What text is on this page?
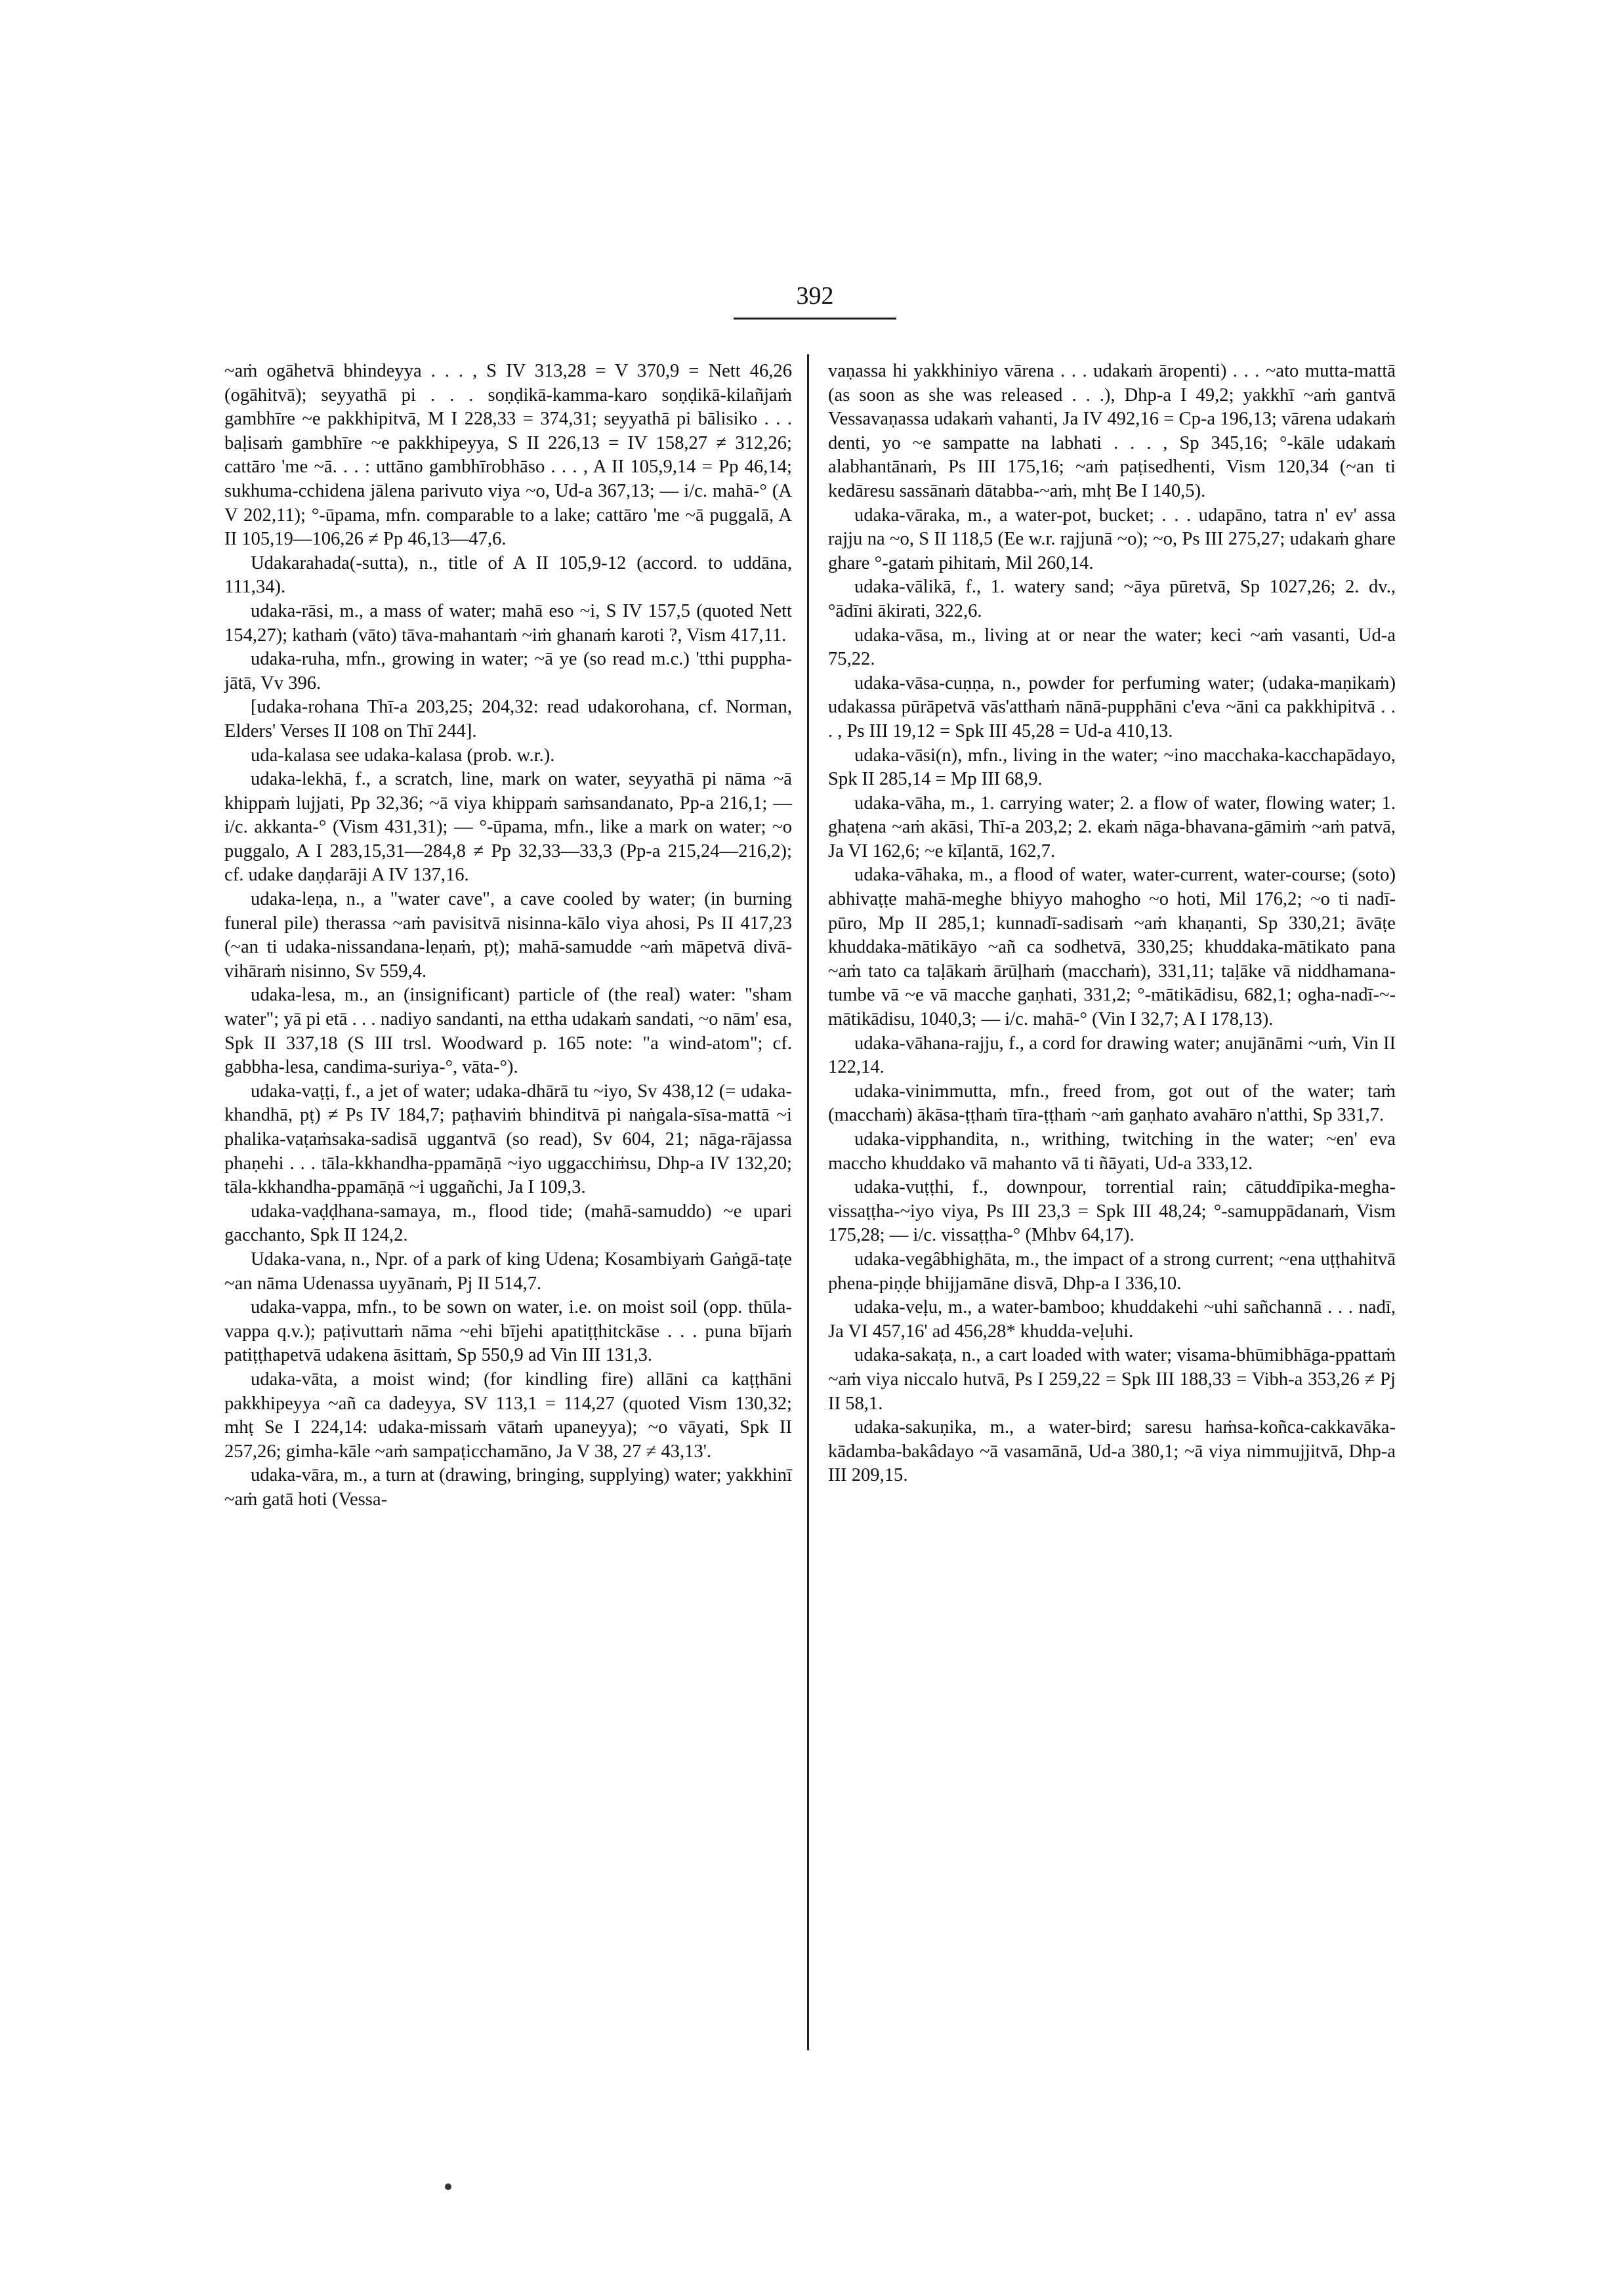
392

~aṁ ogāhetvā bhindeyya . . . , S IV 313,28 = V 370,9 = Nett 46,26 (ogāhitvā); seyyathā pi . . . soṇḍikā-kamma-karo soṇḍikā-kilañjaṁ gambhīre ~e pakkhipitvā, M I 228,33 = 374,31; seyyathā pi bālisiko . . . baḷisaṁ gambhīre ~e pakkhipeyya, S II 226,13 = IV 158,27 ≠ 312,26; cattāro 'me ~ā. . . : uttāno gambhīrobhāso . . . , A II 105,9,14 = Pp 46,14; sukhuma-cchidena jālena parivuto viya ~o, Ud-a 367,13; — i/c. mahā-° (A V 202,11); °-ūpama, mfn. comparable to a lake; cattāro 'me ~ā puggalā, A II 105,19—106,26 ≠ Pp 46,13—47,6.

Udakarahada(-sutta), n., title of A II 105,9-12 (accord. to uddāna, 111,34).

udaka-rāsi, m., a mass of water; mahā eso ~i, S IV 157,5 (quoted Nett 154,27); kathaṁ (vāto) tāva-mahantaṁ ~iṁ ghanaṁ karoti ?, Vism 417,11.

udaka-ruha, mfn., growing in water; ~ā ye (so read m.c.) 'tthi puppha-jātā, Vv 396.

[udaka-rohana Thī-a 203,25; 204,32: read udakorohana, cf. Norman, Elders' Verses II 108 on Thī 244].

uda-kalasa see udaka-kalasa (prob. w.r.).

udaka-lekhā, f., a scratch, line, mark on water, seyyathā pi nāma ~ā khippaṁ lujjati, Pp 32,36; ~ā viya khippaṁ saṁsandanato, Pp-a 216,1; — i/c. akkanta-° (Vism 431,31); — °-ūpama, mfn., like a mark on water; ~o puggalo, A I 283,15,31—284,8 ≠ Pp 32,33—33,3 (Pp-a 215,24—216,2); cf. udake daṇḍarāji A IV 137,16.

udaka-leṇa, n., a "water cave", a cave cooled by water; (in burning funeral pile) therassa ~aṁ pavisitvā nisinna-kālo viya ahosi, Ps II 417,23 (~an ti udaka-nissandana-leṇaṁ, pṭ); mahā-samudde ~aṁ māpetvā divā-vihāraṁ nisinno, Sv 559,4.

udaka-lesa, m., an (insignificant) particle of (the real) water: "sham water"; yā pi etā . . . nadiyo sandanti, na ettha udakaṁ sandati, ~o nām' esa, Spk II 337,18 (S III trsl. Woodward p. 165 note: "a wind-atom"; cf. gabbha-lesa, candima-suriya-°, vāta-°).

udaka-vaṭṭi, f., a jet of water; udaka-dhārā tu ~iyo, Sv 438,12 (= udaka-khandhā, pṭ) ≠ Ps IV 184,7; paṭhaviṁ bhinditvā pi naṅgala-sīsa-mattā ~i phalika-vaṭaṁsaka-sadisā uggantvā (so read), Sv 604, 21; nāga-rājassa phaṇehi . . . tāla-kkhandha-ppamāṇā ~iyo uggacchiṁsu, Dhp-a IV 132,20; tāla-kkhandha-ppamāṇā ~i uggañchi, Ja I 109,3.

udaka-vaḍḍhana-samaya, m., flood tide; (mahā-samuddo) ~e upari gacchanto, Spk II 124,2.

Udaka-vana, n., Npr. of a park of king Udena; Kosambiyaṁ Gaṅgā-taṭe ~an nāma Udenassa uyyānaṁ, Pj II 514,7.

udaka-vappa, mfn., to be sown on water, i.e. on moist soil (opp. thūla-vappa q.v.); paṭivuttaṁ nāma ~ehi bījehi apatiṭṭhitckāse . . . puna bījaṁ patiṭṭhapetvā udakena āsittaṁ, Sp 550,9 ad Vin III 131,3.

udaka-vāta, a moist wind; (for kindling fire) allāni ca kaṭṭhāni pakkhipeyya ~añ ca dadeyya, SV 113,1 = 114,27 (quoted Vism 130,32; mhṭ Se I 224,14: udaka-missaṁ vātaṁ upaneyya); ~o vāyati, Spk II 257,26; gimha-kāle ~aṁ sampaṭicchamāno, Ja V 38, 27 ≠ 43,13'.

udaka-vāra, m., a turn at (drawing, bringing, supplying) water; yakkhinī ~aṁ gatā hoti (Vessa-

vaṇassa hi yakkhiniyo vārena . . . udakaṁ āropenti) . . . ~ato mutta-mattā (as soon as she was released . . .), Dhp-a I 49,2; yakkhī ~aṁ gantvā Vessavaṇassa udakaṁ vahanti, Ja IV 492,16 = Cp-a 196,13; vārena udakaṁ denti, yo ~e sampatte na labhati . . . , Sp 345,16; °-kāle udakaṁ alabhantānaṁ, Ps III 175,16; ~aṁ paṭisedhenti, Vism 120,34 (~an ti kedāresu sassānaṁ dātabba-~aṁ, mhṭ Be I 140,5).

udaka-vāraka, m., a water-pot, bucket; . . . udapāno, tatra n' ev' assa rajju na ~o, S II 118,5 (Ee w.r. rajjunā ~o); ~o, Ps III 275,27; udakaṁ ghare ghare °-gataṁ pihitaṁ, Mil 260,14.

udaka-vālikā, f., 1. watery sand; ~āya pūretvā, Sp 1027,26; 2. dv., °ādīni ākirati, 322,6.

udaka-vāsa, m., living at or near the water; keci ~aṁ vasanti, Ud-a 75,22.

udaka-vāsa-cuṇṇa, n., powder for perfuming water; (udaka-maṇikaṁ) udakassa pūrāpetvā vās'atthaṁ nānā-pupphāni c'eva ~āni ca pakkhipitvā . . . , Ps III 19,12 = Spk III 45,28 = Ud-a 410,13.

udaka-vāsi(n), mfn., living in the water; ~ino macchaka-kacchapādayo, Spk II 285,14 = Mp III 68,9.

udaka-vāha, m., 1. carrying water; 2. a flow of water, flowing water; 1. ghaṭena ~aṁ akāsi, Thī-a 203,2; 2. ekaṁ nāga-bhavana-gāmiṁ ~aṁ patvā, Ja VI 162,6; ~e kīḷantā, 162,7.

udaka-vāhaka, m., a flood of water, water-current, water-course; (soto) abhivaṭṭe mahā-meghe bhiyyo mahogho ~o hoti, Mil 176,2; ~o ti nadī-pūro, Mp II 285,1; kunnadī-sadisaṁ ~aṁ khaṇanti, Sp 330,21; āvāṭe khuddaka-mātikāyo ~añ ca sodhetvā, 330,25; khuddaka-mātikato pana ~aṁ tato ca taḷākaṁ ārūḷhaṁ (macchaṁ), 331,11; taḷāke vā niddhamana-tumbe vā ~e vā macche gaṇhati, 331,2; °-mātikādisu, 682,1; ogha-nadī-~-mātikādisu, 1040,3; — i/c. mahā-° (Vin I 32,7; A I 178,13).

udaka-vāhana-rajju, f., a cord for drawing water; anujānāmi ~uṁ, Vin II 122,14.

udaka-vinimmutta, mfn., freed from, got out of the water; taṁ (macchaṁ) ākāsa-ṭṭhaṁ tīra-ṭṭhaṁ ~aṁ gaṇhato avahāro n'atthi, Sp 331,7.

udaka-vipphandita, n., writhing, twitching in the water; ~en' eva maccho khuddako vā mahanto vā ti ñāyati, Ud-a 333,12.

udaka-vuṭṭhi, f., downpour, torrential rain; cātuddīpika-megha-vissaṭṭha-~iyo viya, Ps III 23,3 = Spk III 48,24; °-samuppādanaṁ, Vism 175,28; — i/c. vissaṭṭha-° (Mhbv 64,17).

udaka-vegâbhighāta, m., the impact of a strong current; ~ena uṭṭhahitvā phena-piṇḍe bhijjamāne disvā, Dhp-a I 336,10.

udaka-veḷu, m., a water-bamboo; khuddakehi ~uhi sañchannā . . . nadī, Ja VI 457,16' ad 456,28* khudda-veḷuhi.

udaka-sakaṭa, n., a cart loaded with water; visama-bhūmibhāga-ppattaṁ ~aṁ viya niccalo hutvā, Ps I 259,22 = Spk III 188,33 = Vibh-a 353,26 ≠ Pj II 58,1.

udaka-sakuṇika, m., a water-bird; saresu haṁsa-koñca-cakkavāka-kādamba-bakâdayo ~ā vasamānā, Ud-a 380,1; ~ā viya nimmujjitvā, Dhp-a III 209,15.
